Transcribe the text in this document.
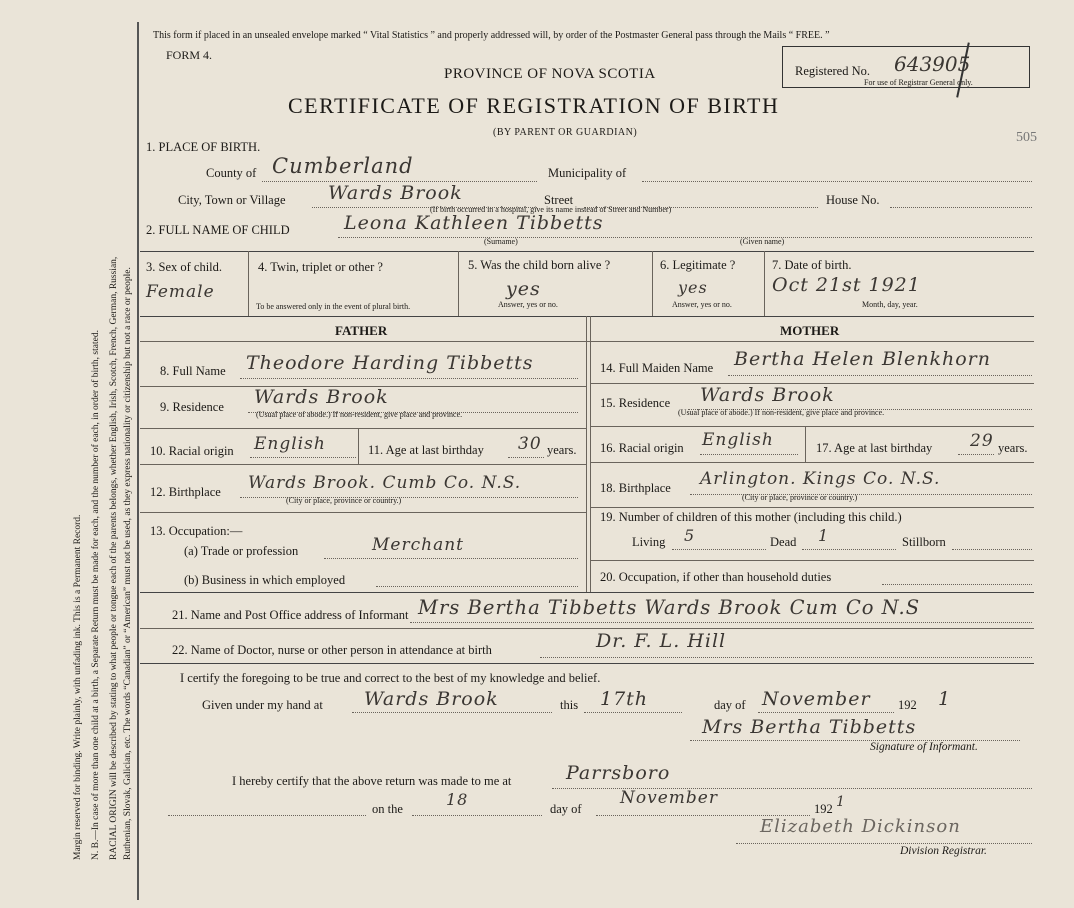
Margin reserved for binding. Write plainly, with unfading ink. This is a Permanent Record. N. B.—In case of more than one child at a birth, a Separate Return must be made for each, and the number of each, in order of birth, stated. RACIAL ORIGIN will be described by stating to what people or tongue each of the parents belongs, whether English, Irish, Scotch, French, German, Russian, Ruthenian, Slovak, Galician, etc. The words “Canadian” or “American” must not be used, as they express nationality or citizenship but not a race or people.
This form if placed in an unsealed envelope marked “ Vital Statistics ” and properly addressed will, by order of the Postmaster General pass through the Mails “ FREE. ”
FORM 4.
PROVINCE OF NOVA SCOTIA
CERTIFICATE OF REGISTRATION OF BIRTH
(BY PARENT OR GUARDIAN)
Registered No. 643905
For use of Registrar General only.
505
1. PLACE OF BIRTH.
County of Cumberland	Municipality of
City, Town or Village Wards Brook	Street	House No.
(If birth occurred in a hospital, give its name instead of Street and Number)
2. FULL NAME OF CHILD	Leona Kathleen Tibbetts
(Surname)	(Given name)
3. Sex of child.
Female
4. Twin, triplet or other ?
To be answered only in the event of plural birth.
5. Was the child born alive ?
yes
Answer, yes or no.
6. Legitimate ?
yes
Answer, yes or no.
7. Date of birth.
Oct 21st 1921
Month, day, year.
FATHER	MOTHER
8. Full Name Theodore Harding Tibbetts
9. Residence Wards Brook
(Usual place of abode.) If non-resident, give place and province.
10. Racial origin English	11. Age at last birthday 30 years.
12. Birthplace Wards Brook. Cumb Co. N.S.
(City or place, province or country.)
13. Occupation:—
(a) Trade or profession	Merchant
(b) Business in which employed
14. Full Maiden Name Bertha Helen Blenkhorn
15. Residence Wards Brook
(Usual place of abode.) If non-resident, give place and province.
16. Racial origin English	17. Age at last birthday 29 years.
18. Birthplace Arlington. Kings Co. N.S.
(City or place, province or country.)
19. Number of children of this mother (including this child.)
Living 5	Dead 1	Stillborn
20. Occupation, if other than household duties
21. Name and Post Office address of Informant Mrs Bertha Tibbetts Wards Brook Cum Co N.S
22. Name of Doctor, nurse or other person in attendance at birth	Dr. F. L. Hill
I certify the foregoing to be true and correct to the best of my knowledge and belief.
Given under my hand at Wards Brook	this 17th	day of November 192 1
Mrs Bertha Tibbetts
Signature of Informant.
I hereby certify that the above return was made to me at	Parrsboro
on the	18	day of
November
192 1
Elizabeth Dickinson
Division Registrar.
